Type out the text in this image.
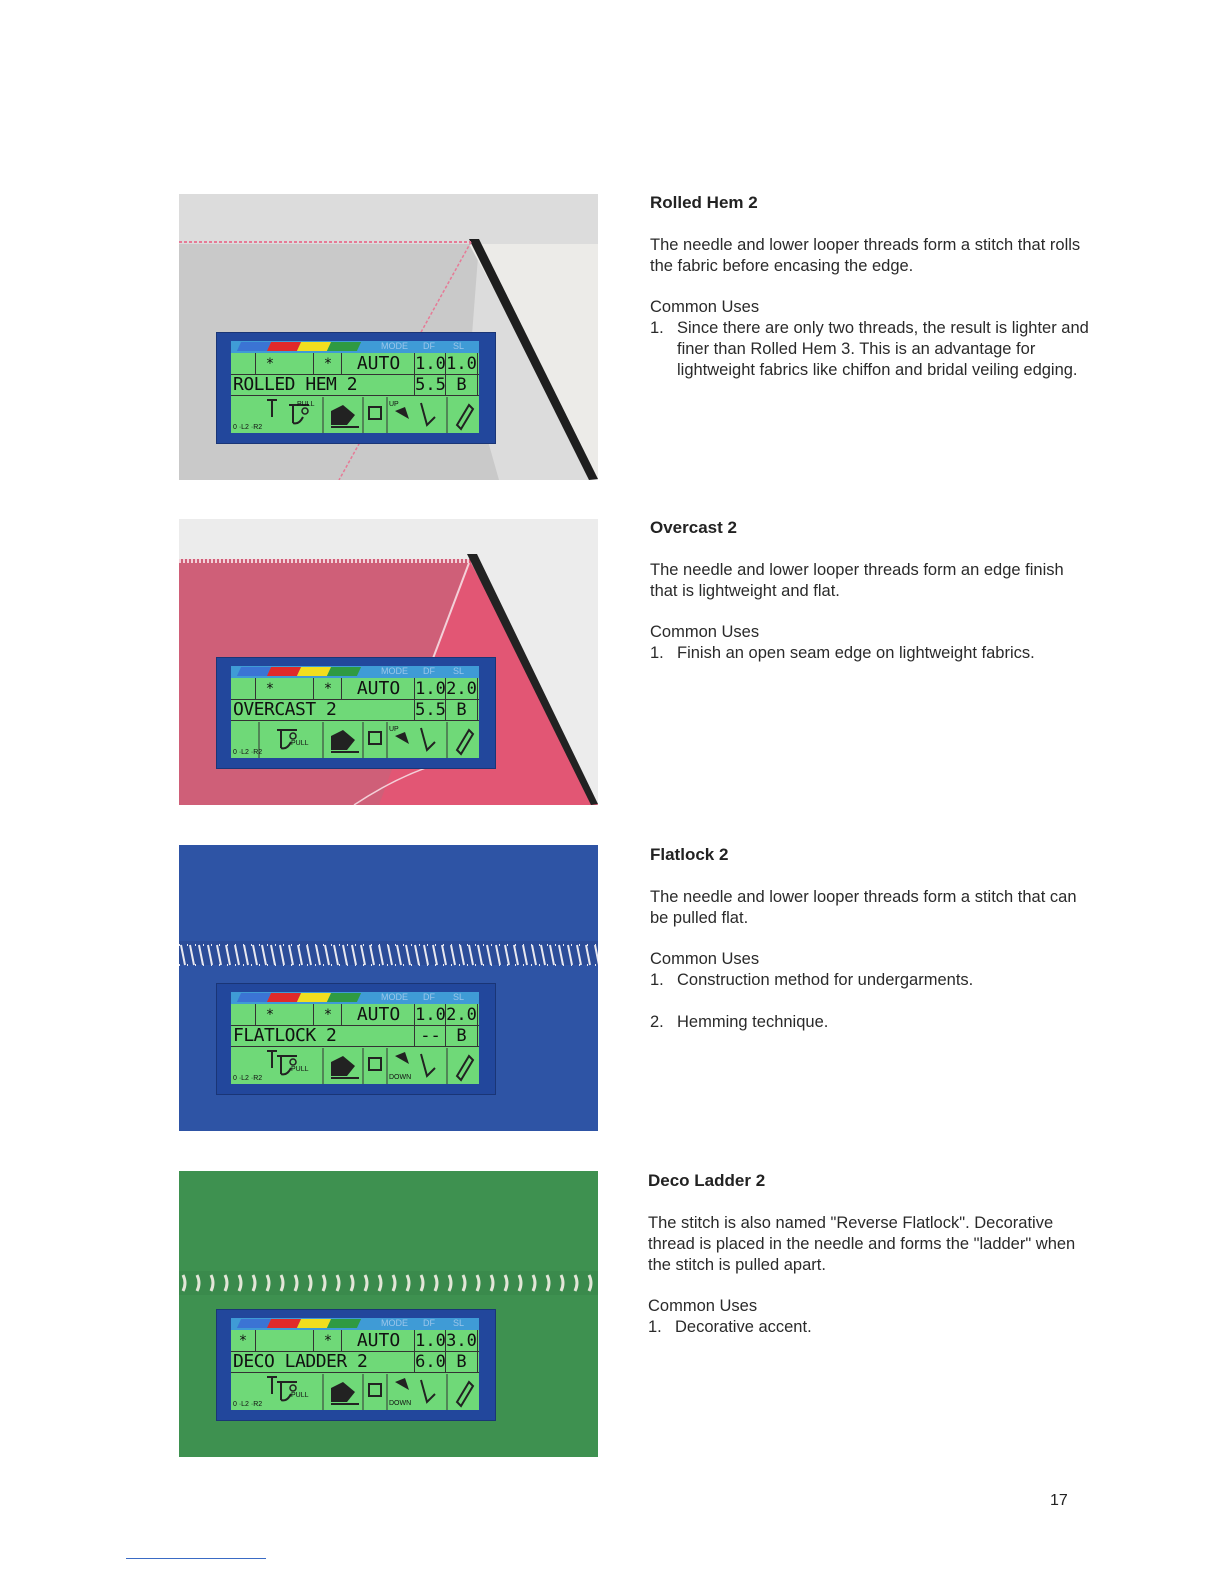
MODE DF SL
*	*	AUTO 1.0 1.0
ROLLED HEM 2	5.5 B
PULL	UP
0 ·L2 ·R2
Rolled Hem 2

The needle and lower looper threads form a stitch that rolls the fabric before encasing the edge.

Common Uses

1. Since there are only two threads, the result is lighter and finer than Rolled Hem 3. This is an advantage for lightweight fabrics like chiffon and bridal veiling edging.
MODE DF SL
*	*	AUTO 1.0 2.0
OVERCAST 2	5.5 B
PULL
UP
0 ·L2 ·R2
Overcast 2

The needle and lower looper threads form an edge finish that is lightweight and flat.

Common Uses

1. Finish an open seam edge on lightweight fabrics.
MODE DF SL
*	*	AUTO 1.0 2.0
FLATLOCK 2	-- B
PULL
DOWN
0 ·L2 ·R2
Flatlock 2

The needle and lower looper threads form a stitch that can be pulled flat.

Common Uses

1. Construction method for undergarments.
2. Hemming technique.
MODE DF SL
*	*	AUTO 1.0 3.0
DECO LADDER 2	6.0 B
PULL
DOWN
0 ·L2 ·R2
Deco Ladder 2

The stitch is also named "Reverse Flatlock". Decorative thread is placed in the needle and forms the "ladder" when the stitch is pulled apart.

Common Uses

1. Decorative accent.
17
